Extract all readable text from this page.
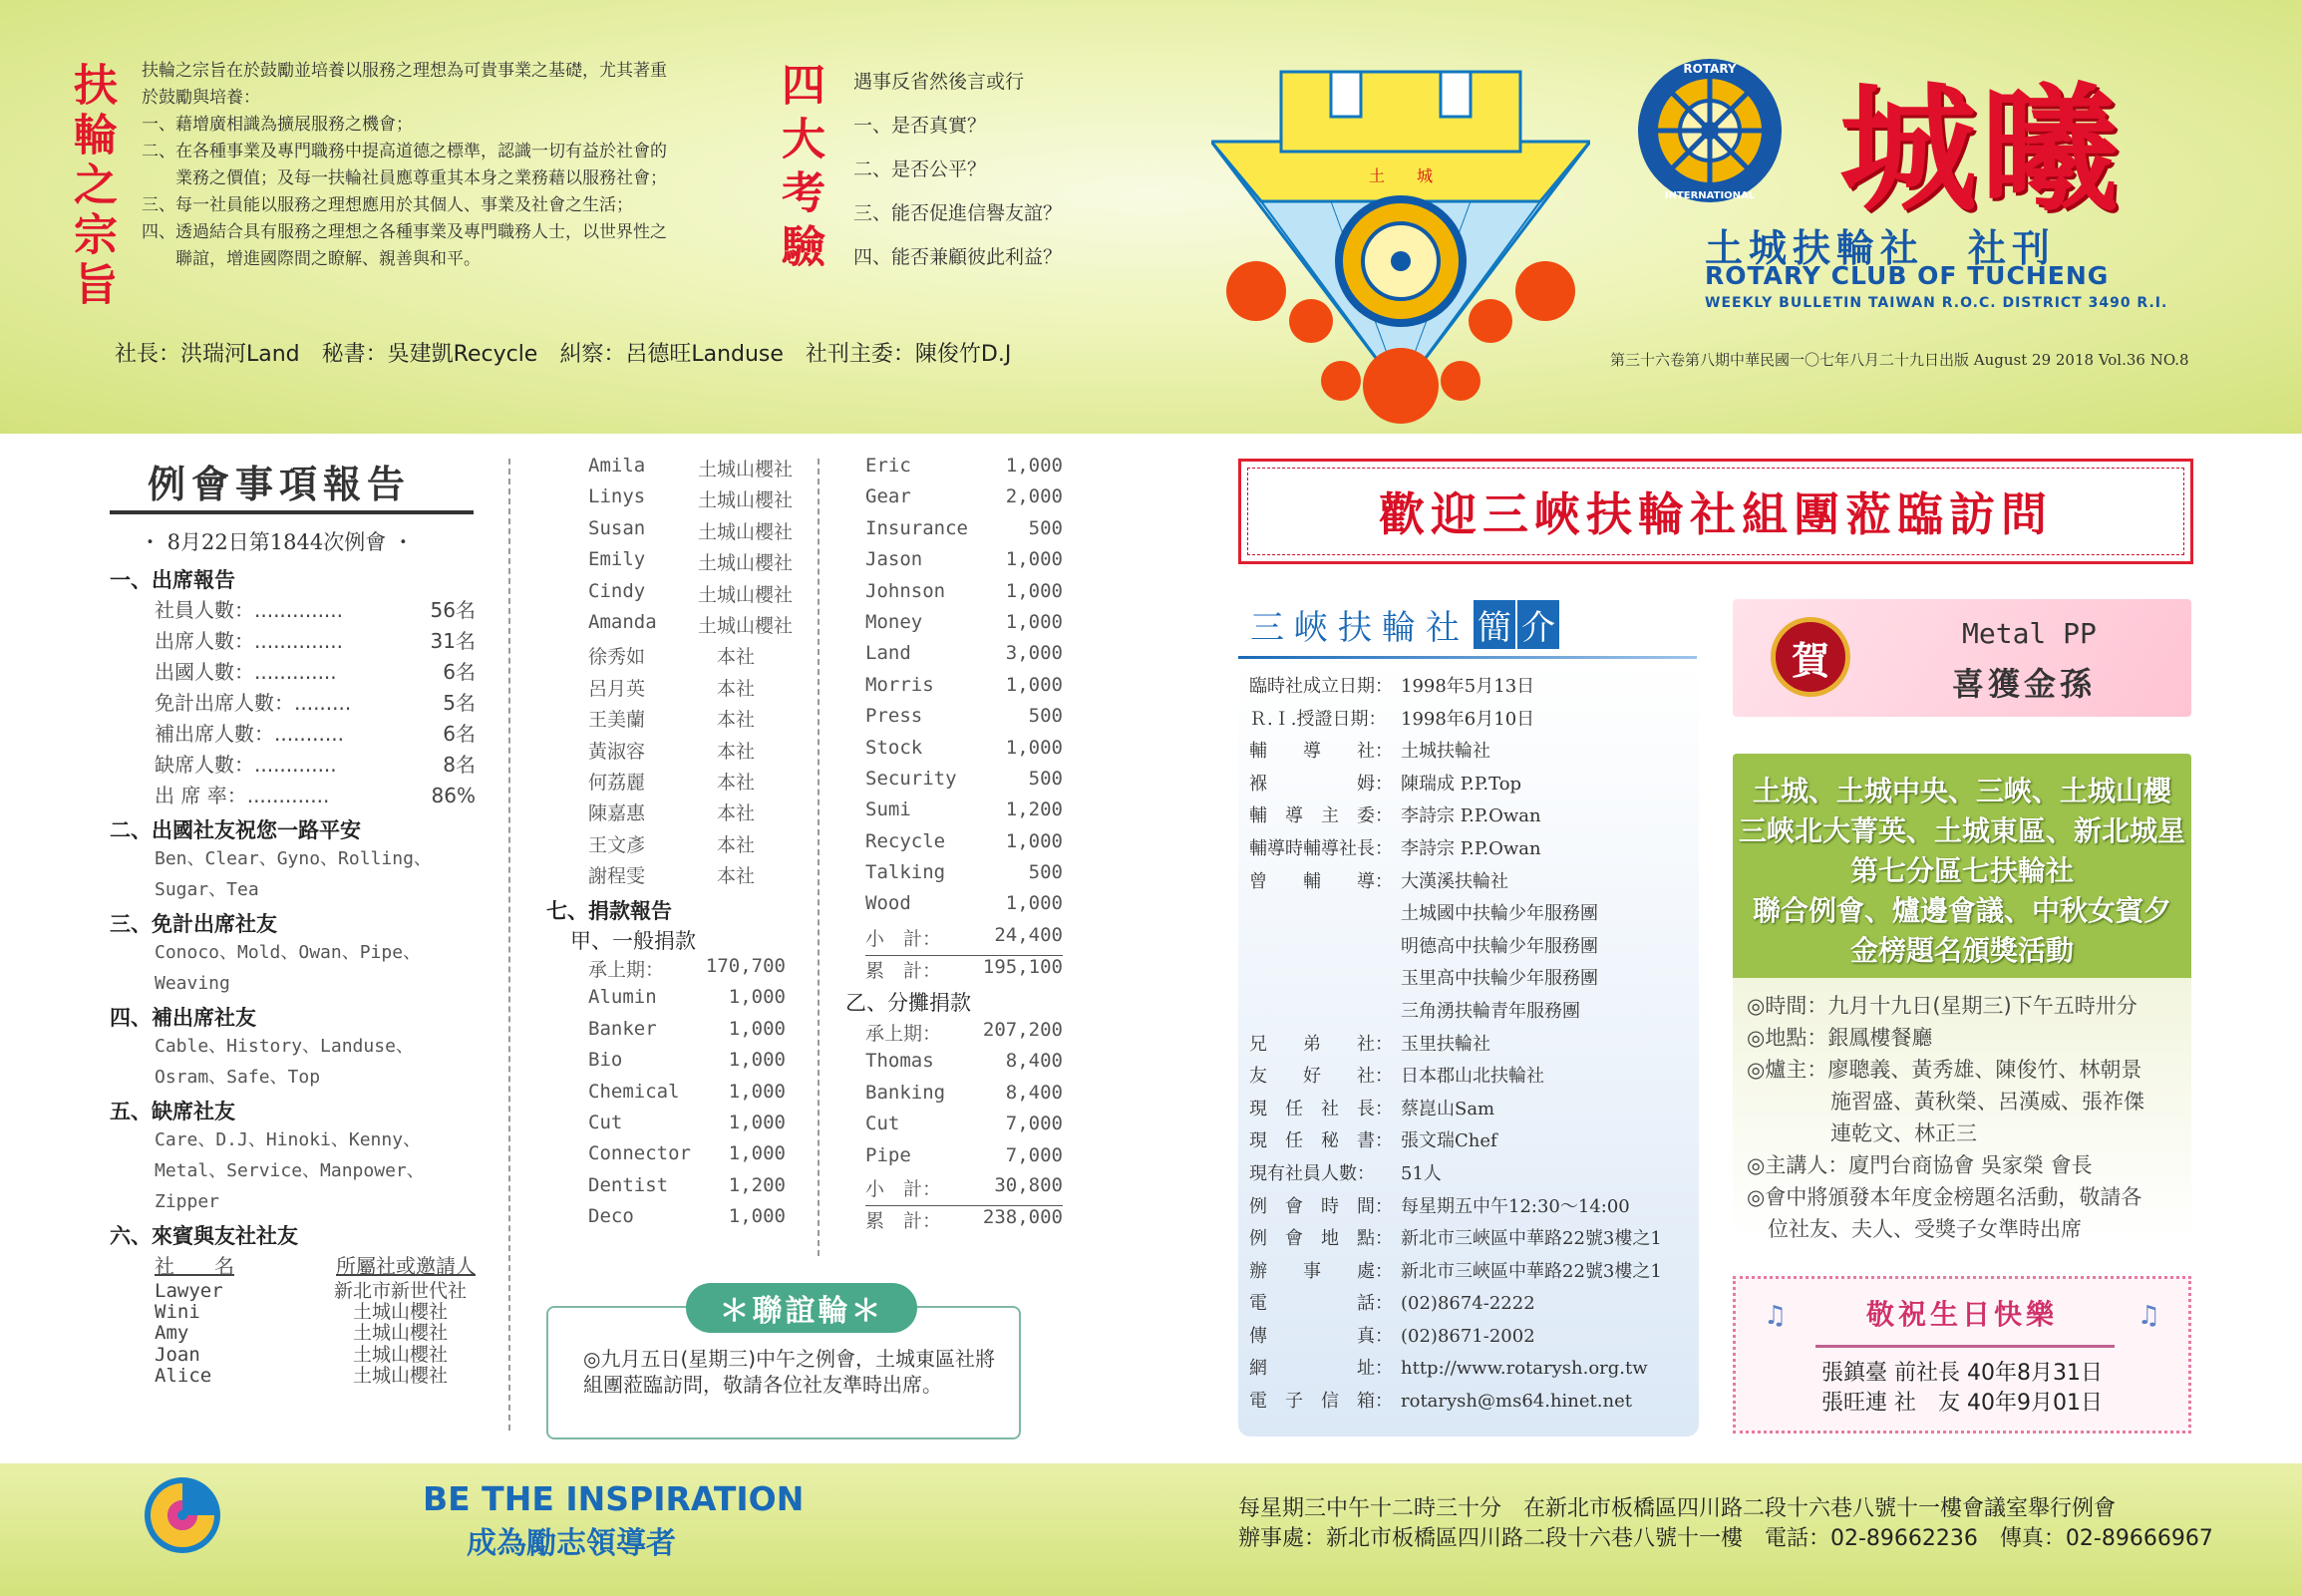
扶輪之宗旨 扶輪之宗旨在於鼓勵並培養以服務之理想為可貴事業之基礎，尤其著重
於鼓勵與培養：
一、藉增廣相識為擴展服務之機會；
二、在各種事業及專門職務中提高道德之標準，認識一切有益於社會的
　　業務之價值；及每一扶輪社員應尊重其本身之業務藉以服務社會；
三、每一社員能以服務之理想應用於其個人、事業及社會之生活；
四、透過結合具有服務之理想之各種事業及專門職務人士，以世界性之
　　聯誼，增進國際間之瞭解、親善與和平。	四大考驗 遇事反省然後言或行
一、是否真實？
二、是否公平？
三、能否促進信譽友誼？
四、能否兼顧彼此利益？
社長：洪瑞河Land　秘書：吳建凱Recycle　糾察：呂德旺Landuse　社刊主委：陳俊竹D.J
土　　城
ROTARY
INTERNATIONAL 城曦
土城扶輪社　社刊
ROTARY CLUB OF TUCHENG
WEEKLY BULLETIN TAIWAN R.O.C. DISTRICT 3490 R.I.
第三十六卷第八期中華民國一〇七年八月二十九日出版 August 29 2018 Vol.36 NO.8
例會事項報告
・ 8月22日第1844次例會 ・
一、出席報告
社員人數：..............	56名
出席人數：..............	31名
出國人數：.............	6名
免計出席人數：.........	5名
補出席人數：...........	6名
缺席人數：.............	8名
出 席 率：.............	86%
二、出國社友祝您一路平安
Ben、Clear、Gyno、Rolling、
Sugar、Tea
三、免計出席社友
Conoco、Mold、Owan、Pipe、
Weaving
四、補出席社友
Cable、History、Landuse、
Osram、Safe、Top
五、缺席社友
Care、D.J、Hinoki、Kenny、
Metal、Service、Manpower、
Zipper
六、來賓與友社社友
社　　名	所屬社或邀請人
Lawyer	新北市新世代社
Wini	　土城山櫻社
Amy	　土城山櫻社
Joan	　土城山櫻社
Alice	　土城山櫻社
Amila	土城山櫻社
Linys	土城山櫻社
Susan	土城山櫻社
Emily	土城山櫻社
Cindy	土城山櫻社
Amanda	土城山櫻社
徐秀如	　本社
呂月英	　本社
王美蘭	　本社
黃淑容	　本社
何荔麗	　本社
陳嘉惠	　本社
王文彥	　本社
謝程雯	　本社
七、捐款報告
甲、一般捐款
承上期：	170,700
Alumin	1,000
Banker	1,000
Bio	1,000
Chemical	1,000
Cut	1,000
Connector	1,000
Dentist	1,200
Deco	1,000
Eric	1,000
Gear	2,000
Insurance	500
Jason	1,000
Johnson	1,000
Money	1,000
Land	3,000
Morris	1,000
Press	500
Stock	1,000
Security	500
Sumi	1,200
Recycle	1,000
Talking	500
Wood	1,000
小　計：	24,400
累　計： 195,100
乙、分攤捐款
承上期：	207,200
Thomas	8,400
Banking	8,400
Cut	7,000
Pipe	7,000
小　計：	30,800
累　計： 238,000
＊聯誼輪＊
◎九月五日(星期三)中午之例會，土城東區社將組團蒞臨訪問，敬請各位社友準時出席。
歡迎三峽扶輪社組團蒞臨訪問
三峽扶輪社 簡 介
臨時社成立日期： 1998年5月13日
Ｒ.Ｉ.授證日期： 1998年6月10日
輔　　導　　社： 土城扶輪社
褓　　　　　姆： 陳瑞成 P.P.Top
輔　導　主　委： 李詩宗 P.P.Owan
輔導時輔導社長： 李詩宗 P.P.Owan
曾　　輔　　導： 大漢溪扶輪社
土城國中扶輪少年服務團
明德高中扶輪少年服務團
玉里高中扶輪少年服務團
三角湧扶輪青年服務團
兄　　弟　　社： 玉里扶輪社
友　　好　　社： 日本郡山北扶輪社
現　任　社　長： 蔡崑山Sam
現　任　秘　書： 張文瑞Chef
現有社員人數：	51人
例　會　時　間： 每星期五中午12:30～14:00
例　會　地　點： 新北市三峽區中華路22號3樓之1
辦　　事　　處： 新北市三峽區中華路22號3樓之1
電　　　　　話： (02)8674-2222
傳　　　　　真： (02)8671-2002
網　　　　　址： http://www.rotarysh.org.tw
電　子　信　箱： rotarysh@ms64.hinet.net
賀
Metal PP
喜獲金孫
土城、土城中央、三峽、土城山櫻
三峽北大菁英、土城東區、新北城星
第七分區七扶輪社
聯合例會、爐邊會議、中秋女賓夕
金榜題名頒獎活動
◎時間：九月十九日(星期三)下午五時卅分
◎地點：銀鳳樓餐廳
◎爐主：廖聰義、黃秀雄、陳俊竹、林朝景
　　　　施習盛、黃秋榮、呂漢威、張祚傑
　　　　連乾文、林正三
◎主講人：廈門台商協會 吳家榮 會長
◎會中將頒發本年度金榜題名活動，敬請各
　位社友、夫人、受獎子女準時出席
敬祝生日快樂
♫	♫
張鎮臺 前社長 40年8月31日
張旺連 社　友 40年9月01日
BE THE INSPIRATION
成為勵志領導者
每星期三中午十二時三十分　在新北市板橋區四川路二段十六巷八號十一樓會議室舉行例會
辦事處：新北市板橋區四川路二段十六巷八號十一樓　電話：02-89662236　傳真：02-89666967
